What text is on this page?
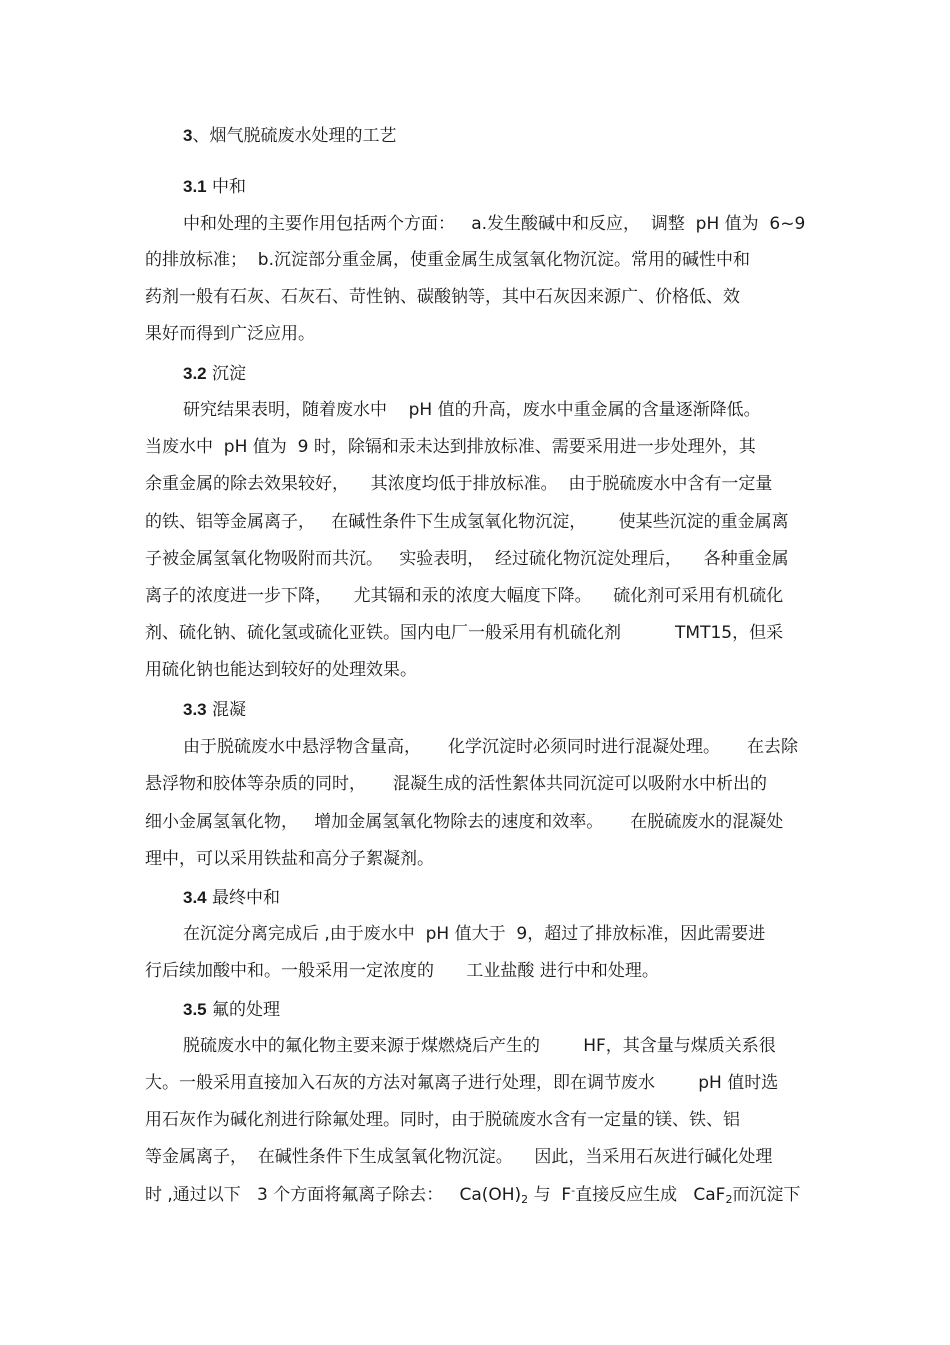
3、烟气脱硫废水处理的工艺
3.1 中和
中和处理的主要作用包括两个方面：   a.发生酸碱中和反应，  调整  pH 值为  6~9
的排放标准；  b.沉淀部分重金属，使重金属生成氢氧化物沉淀。常用的碱性中和
药剂一般有石灰、石灰石、苛性钠、碳酸钠等，其中石灰因来源广、价格低、效
果好而得到广泛应用。
3.2 沉淀
研究结果表明，随着废水中    pH 值的升高，废水中重金属的含量逐渐降低。
当废水中  pH 值为  9 时，除镉和汞未达到排放标准、需要采用进一步处理外，其
余重金属的除去效果较好，    其浓度均低于排放标准。  由于脱硫废水中含有一定量
的铁、铝等金属离子，   在碱性条件下生成氢氧化物沉淀，      使某些沉淀的重金属离
子被金属氢氧化物吸附而共沉。   实验表明，  经过硫化物沉淀处理后，    各种重金属
离子的浓度进一步下降，    尤其镉和汞的浓度大幅度下降。    硫化剂可采用有机硫化
剂、硫化钠、硫化氢或硫化亚铁。国内电厂一般采用有机硫化剂          TMT15，但采
用硫化钠也能达到较好的处理效果。
3.3 混凝
由于脱硫废水中悬浮物含量高，     化学沉淀时必须同时进行混凝处理。     在去除
悬浮物和胶体等杂质的同时，     混凝生成的活性絮体共同沉淀可以吸附水中析出的
细小金属氢氧化物，   增加金属氢氧化物除去的速度和效率。     在脱硫废水的混凝处
理中，可以采用铁盐和高分子絮凝剂。
3.4 最终中和
在沉淀分离完成后 ,由于废水中  pH 值大于  9，超过了排放标准，因此需要进
行后续加酸中和。一般采用一定浓度的      工业盐酸 进行中和处理。
3.5 氟的处理
脱硫废水中的氟化物主要来源于煤燃烧后产生的        HF，其含量与煤质关系很
大。一般采用直接加入石灰的方法对氟离子进行处理，即在调节废水        pH 值时选
用石灰作为碱化剂进行除氟处理。同时，由于脱硫废水含有一定量的镁、铁、铝
等金属离子，  在碱性条件下生成氢氧化物沉淀。    因此，当采用石灰进行碱化处理
时 ,通过以下   3 个方面将氟离子除去：   $Ca(OH)_2$ 与  F-直接反应生成   CaF$_2$而沉淀下
